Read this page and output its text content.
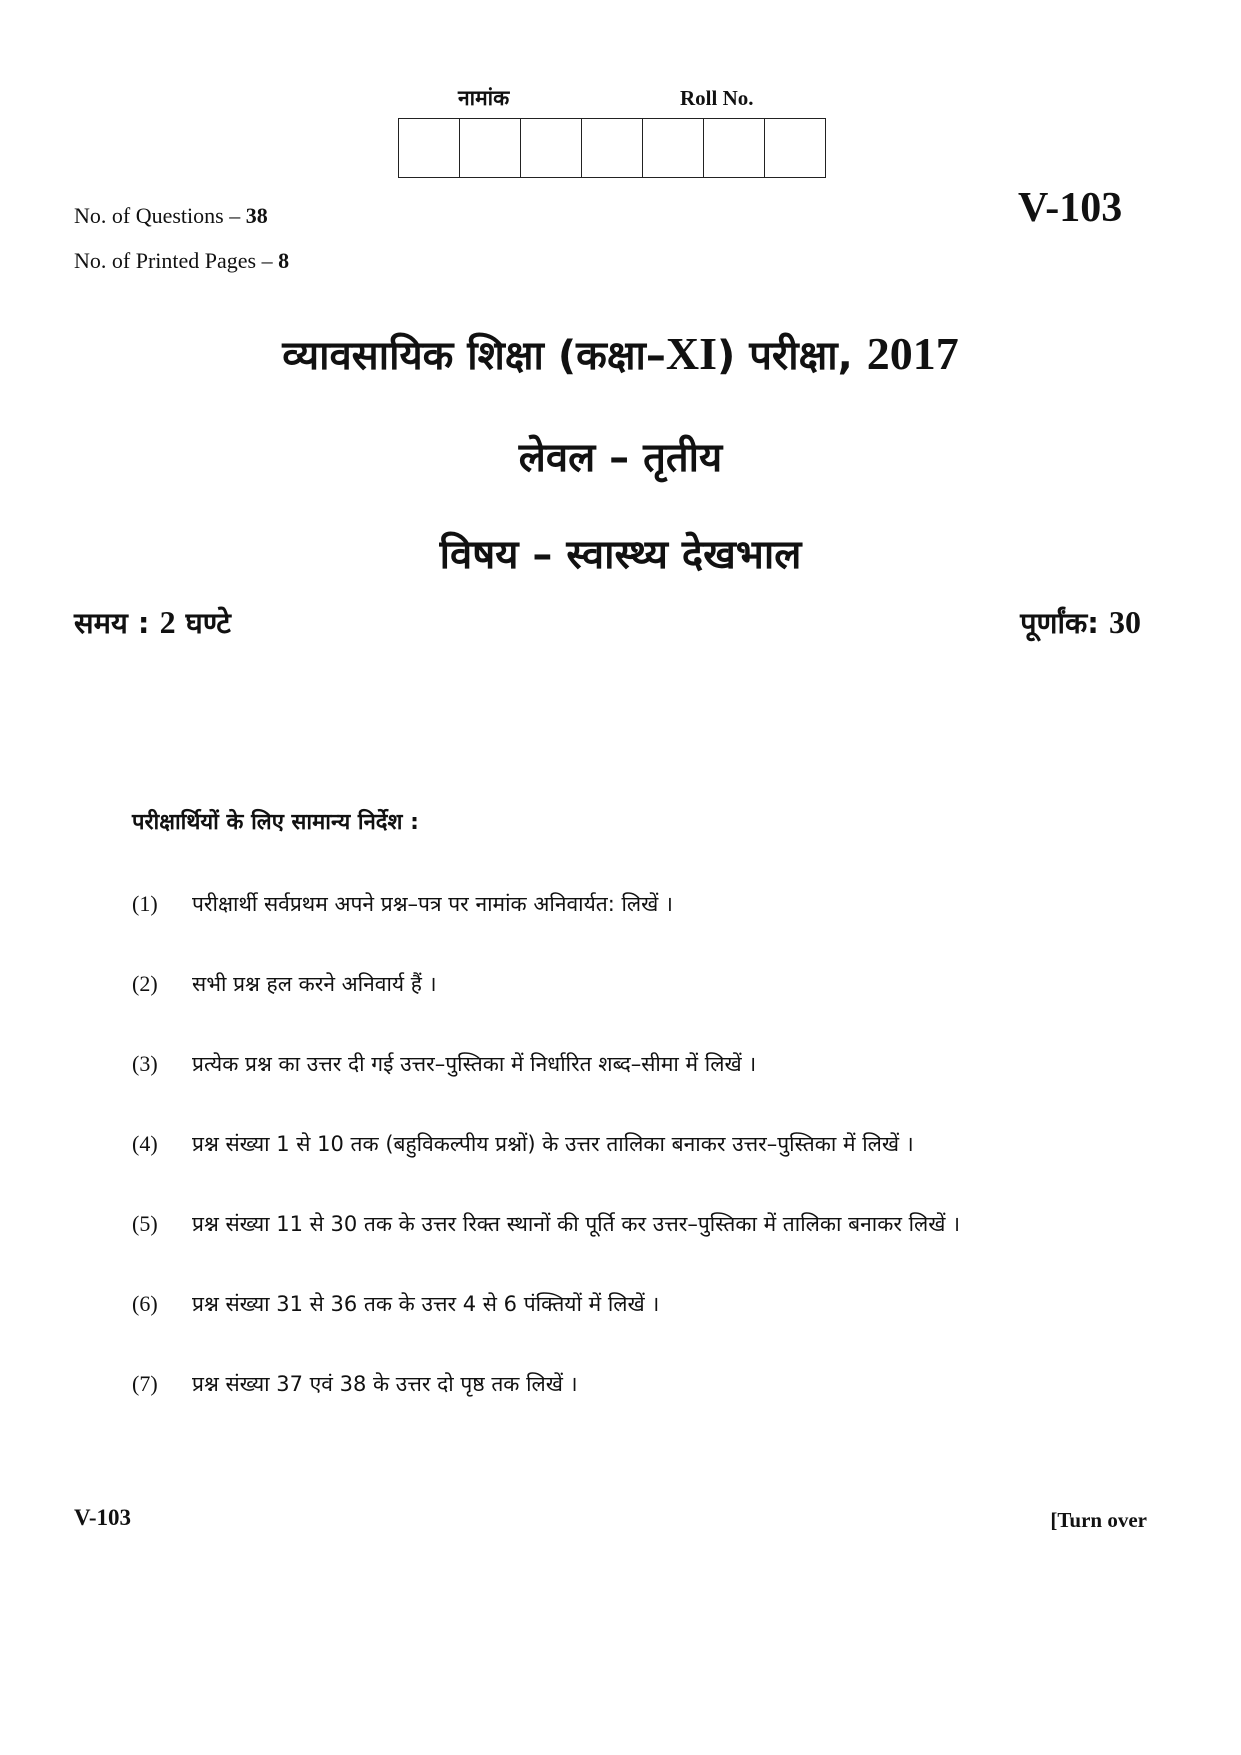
नामांक	Roll No.
V-103
No. of Questions – 38
No. of Printed Pages – 8
व्यावसायिक शिक्षा (कक्षा–XI) परीक्षा, 2017
लेवल – तृतीय
विषय – स्वास्थ्य देखभाल
समय : 2 घण्टे	पूर्णांक: 30
परीक्षार्थियों के लिए सामान्य निर्देश :
(1)	परीक्षार्थी सर्वप्रथम अपने प्रश्न–पत्र पर नामांक अनिवार्यत: लिखें ।
(2)	सभी प्रश्न हल करने अनिवार्य हैं ।
(3)	प्रत्येक प्रश्न का उत्तर दी गई उत्तर–पुस्तिका में निर्धारित शब्द–सीमा में लिखें ।
(4)	प्रश्न संख्या 1 से 10 तक (बहुविकल्पीय प्रश्नों) के उत्तर तालिका बनाकर उत्तर–पुस्तिका में लिखें ।
(5)	प्रश्न संख्या 11 से 30 तक के उत्तर रिक्त स्थानों की पूर्ति कर उत्तर–पुस्तिका में तालिका बनाकर लिखें ।
(6)	प्रश्न संख्या 31 से 36 तक के उत्तर 4 से 6 पंक्तियों में लिखें ।
(7)	प्रश्न संख्या 37 एवं 38 के उत्तर दो पृष्ठ तक लिखें ।
V-103	[Turn over
